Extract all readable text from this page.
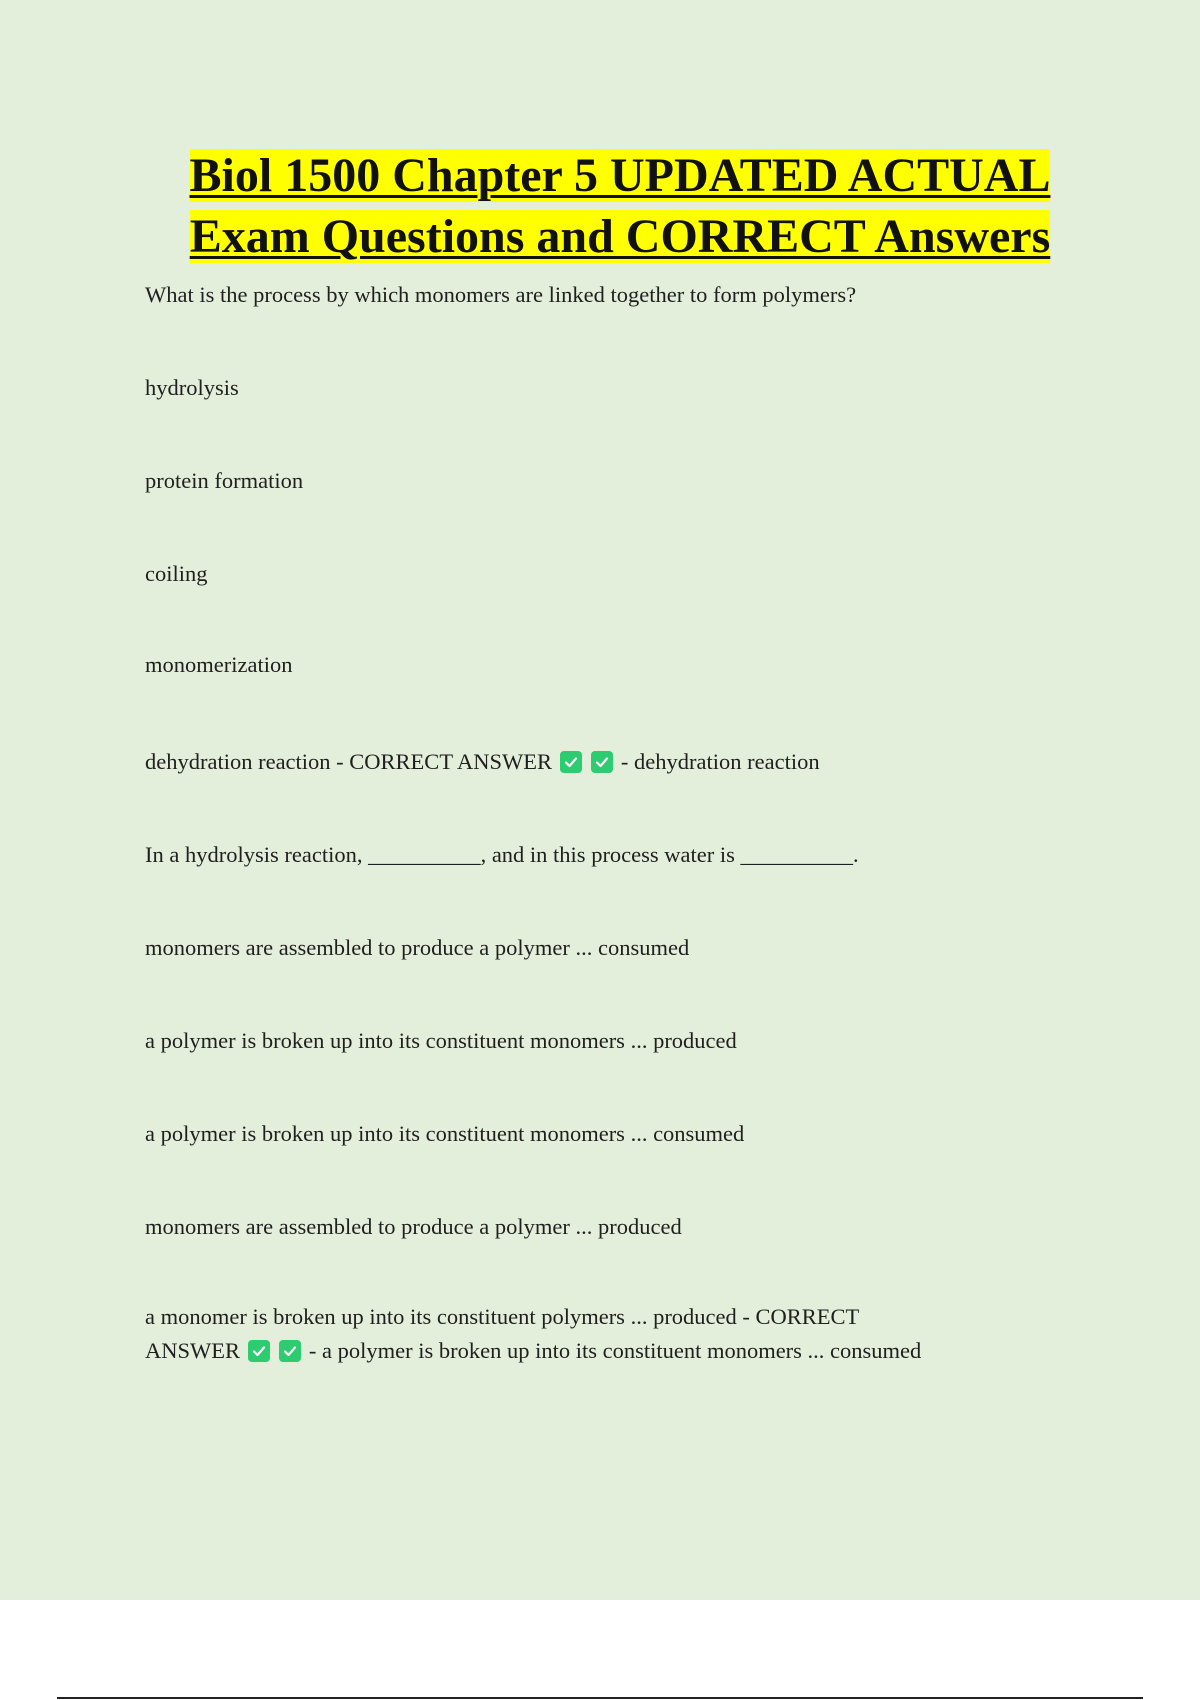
Biol 1500 Chapter 5 UPDATED ACTUAL
Exam Questions and CORRECT Answers
What is the process by which monomers are linked together to form polymers?
hydrolysis
protein formation
coiling
monomerization
dehydration reaction - CORRECT ANSWER
	- dehydration reaction
In a hydrolysis reaction, __________, and in this process water is __________.
monomers are assembled to produce a polymer ... consumed
a polymer is broken up into its constituent monomers ... produced
a polymer is broken up into its constituent monomers ... consumed
monomers are assembled to produce a polymer ... produced
a monomer is broken up into its constituent polymers ... produced - CORRECT
ANSWER
	- a polymer is broken up into its constituent monomers ... consumed
